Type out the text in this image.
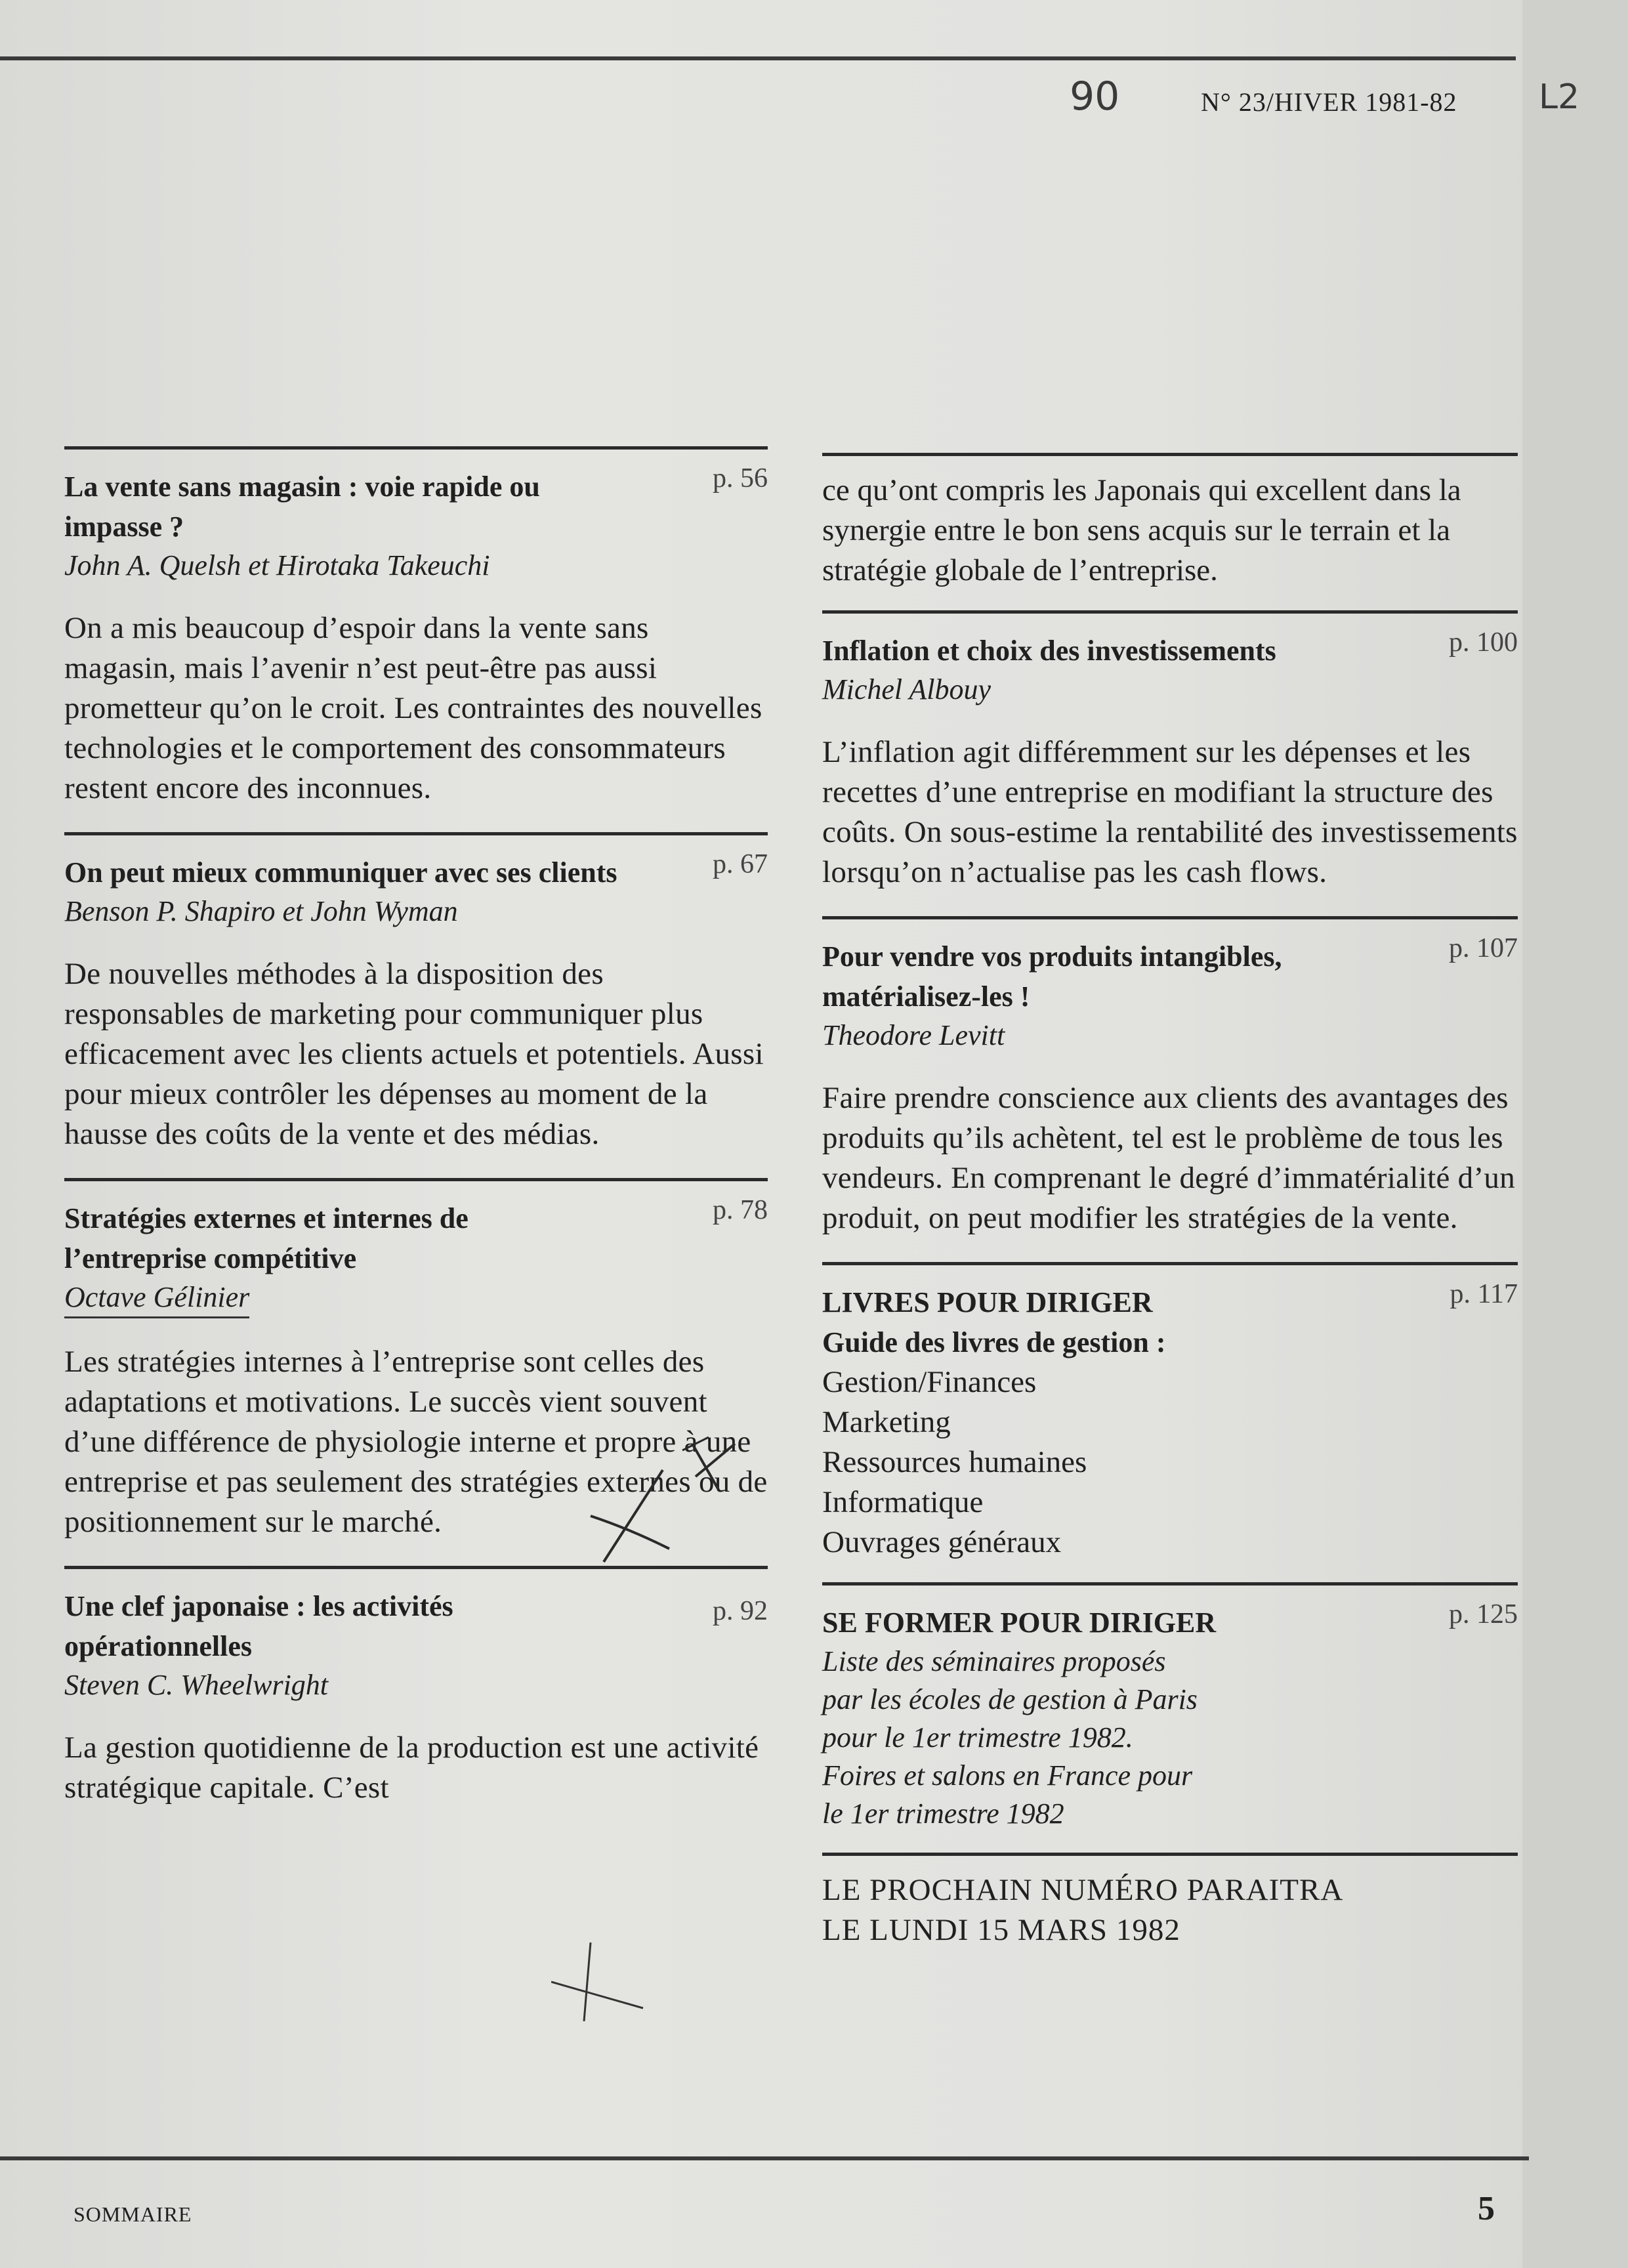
90	N° 23/HIVER 1981-82 L2
La vente sans magasin : voie rapide ou impasse ?
p. 56
John A. Quelsh et Hirotaka Takeuchi
On a mis beaucoup d’espoir dans la vente sans magasin, mais l’avenir n’est peut-être pas aussi prometteur qu’on le croit. Les contraintes des nouvelles technologies et le comportement des consommateurs restent encore des inconnues.
On peut mieux communiquer avec ses clients	p. 67
Benson P. Shapiro et John Wyman
De nouvelles méthodes à la disposition des responsables de marketing pour communiquer plus efficacement avec les clients actuels et potentiels. Aussi pour mieux contrôler les dépenses au moment de la hausse des coûts de la vente et des médias.
Stratégies externes et internes de l’entreprise compétitive
p. 78
Octave Gélinier
Les stratégies internes à l’entreprise sont celles des adaptations et motivations. Le succès vient souvent d’une différence de physiologie interne et propre à une entreprise et pas seulement des stratégies externes ou de positionnement sur le marché.
Une clef japonaise : les activités opérationnelles
p. 92
Steven C. Wheelwright
La gestion quotidienne de la production est une activité stratégique capitale. C’est
ce qu’ont compris les Japonais qui excellent dans la synergie entre le bon sens acquis sur le terrain et la stratégie globale de l’entreprise.
Inflation et choix des investissements	p. 100
Michel Albouy
L’inflation agit différemment sur les dépenses et les recettes d’une entreprise en modifiant la structure des coûts. On sous-estime la rentabilité des investissements lorsqu’on n’actualise pas les cash flows.
Pour vendre vos produits intangibles, matérialisez-les !
p. 107
Theodore Levitt
Faire prendre conscience aux clients des avantages des produits qu’ils achètent, tel est le problème de tous les vendeurs. En comprenant le degré d’immatérialité d’un produit, on peut modifier les stratégies de la vente.
LIVRES POUR DIRIGER	p. 117
Guide des livres de gestion :
Gestion/Finances
Marketing
Ressources humaines
Informatique
Ouvrages généraux
SE FORMER POUR DIRIGER	p. 125
Liste des séminaires proposés
par les écoles de gestion à Paris
pour le 1er trimestre 1982.
Foires et salons en France pour
le 1er trimestre 1982
LE PROCHAIN NUMÉRO PARAITRA
LE LUNDI 15 MARS 1982
SOMMAIRE	5
